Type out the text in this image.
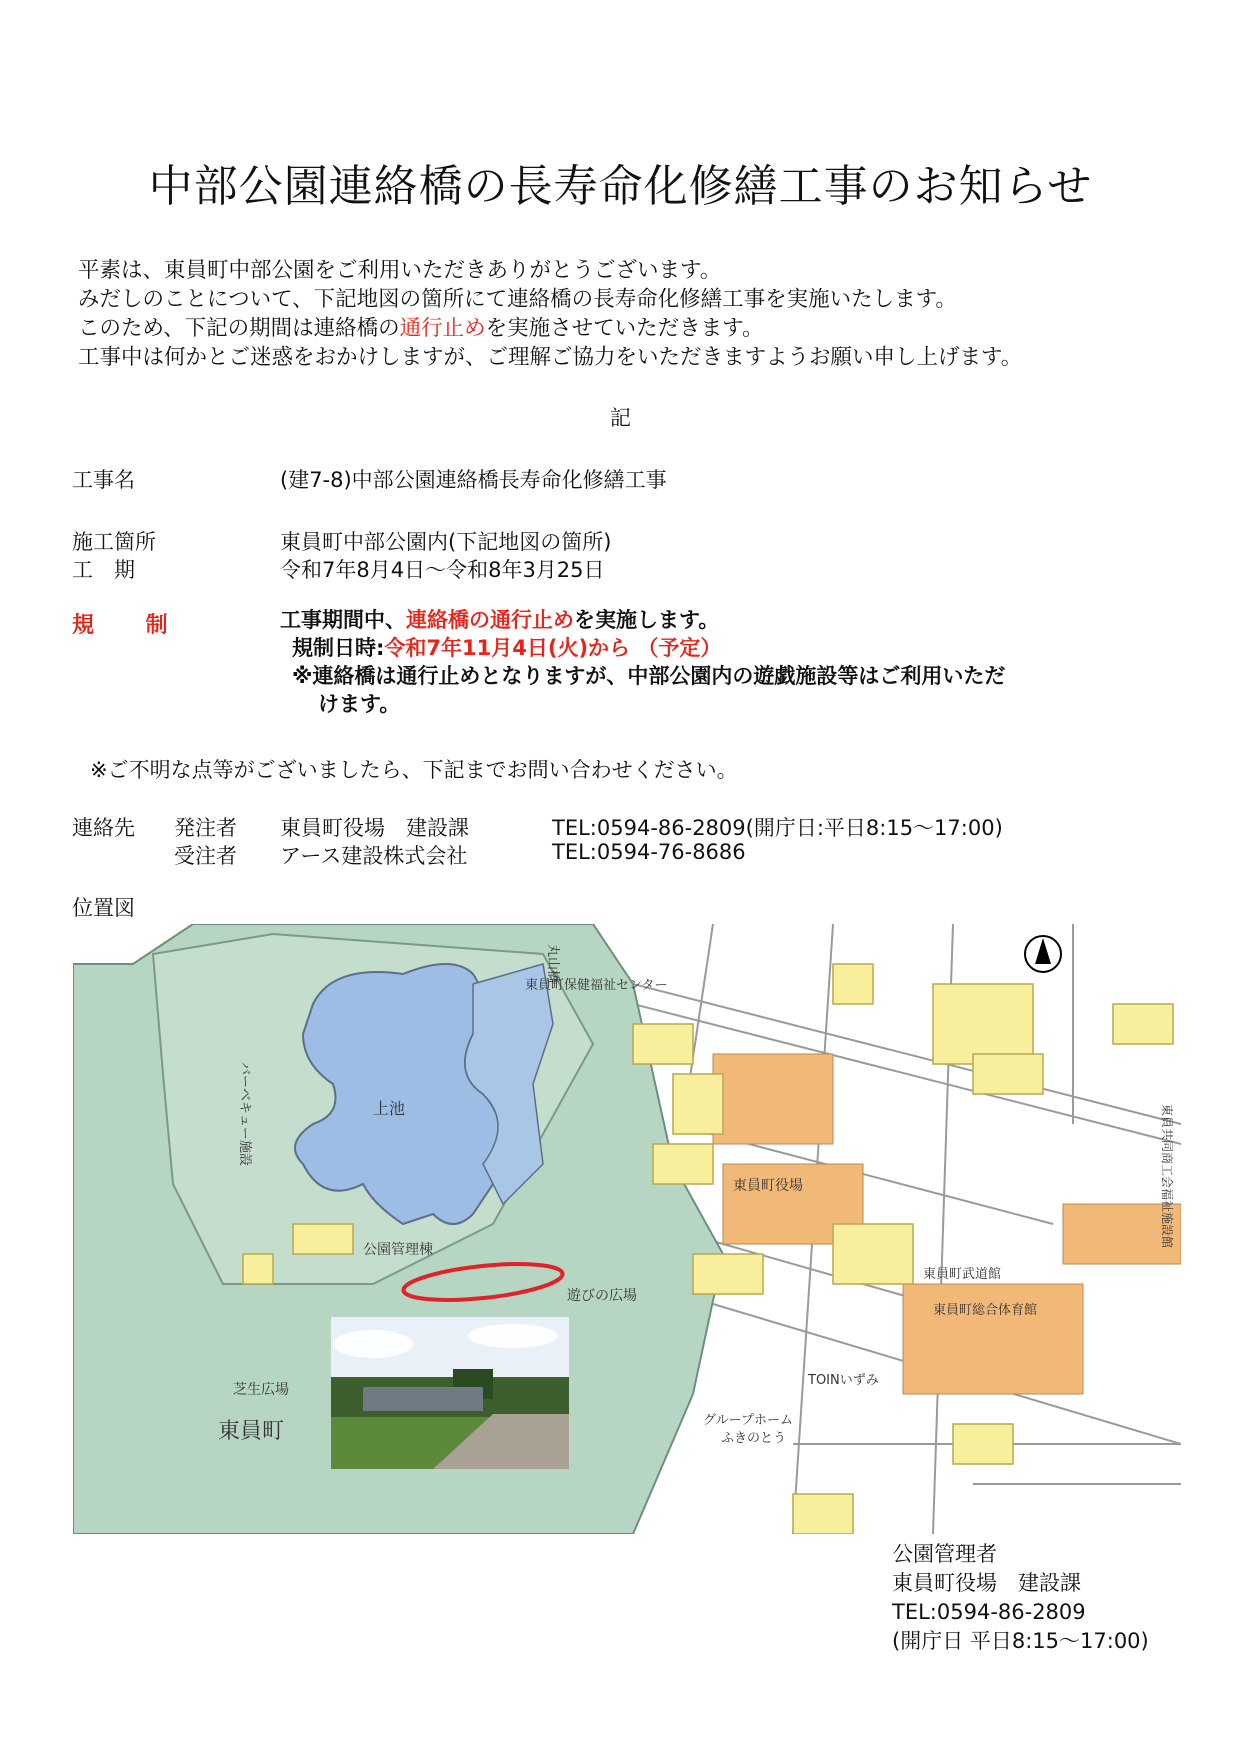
中部公園連絡橋の長寿命化修繕工事のお知らせ
平素は、東員町中部公園をご利用いただきありがとうございます。
みだしのことについて、下記地図の箇所にて連絡橋の長寿命化修繕工事を実施いたします。
このため、下記の期間は連絡橋の通行止めを実施させていただきます。
工事中は何かとご迷惑をおかけしますが、ご理解ご協力をいただきますようお願い申し上げます。
記
工事名	(建7-8)中部公園連絡橋長寿命化修繕工事
施工箇所	東員町中部公園内(下記地図の箇所)
工　期	令和7年8月4日～令和8年3月25日
規 制	工事期間中、連絡橋の通行止めを実施します。
規制日時:令和7年11月4日(火)から （予定）
※連絡橋は通行止めとなりますが、中部公園内の遊戯施設等はご利用いただ
けます。
※ご不明な点等がございましたら、下記までお問い合わせください。
連絡先 発注者 東員町役場　建設課	TEL:0594-86-2809(開庁日:平日8:15～17:00)
受注者 アース建設株式会社	TEL:0594-76-8686
位置図
N
上池
公園管理棟
遊びの広場
芝生広場
東員町
バーベキュー施設
丸山橋
東員町保健福祉センター
東員町役場
東員町武道館
東員町総合体育館
TOINいずみ
グループホーム
ふきのとう
東員共同商工会福祉施設館
公園管理者
東員町役場　建設課
TEL:0594-86-2809
(開庁日 平日8:15～17:00)
